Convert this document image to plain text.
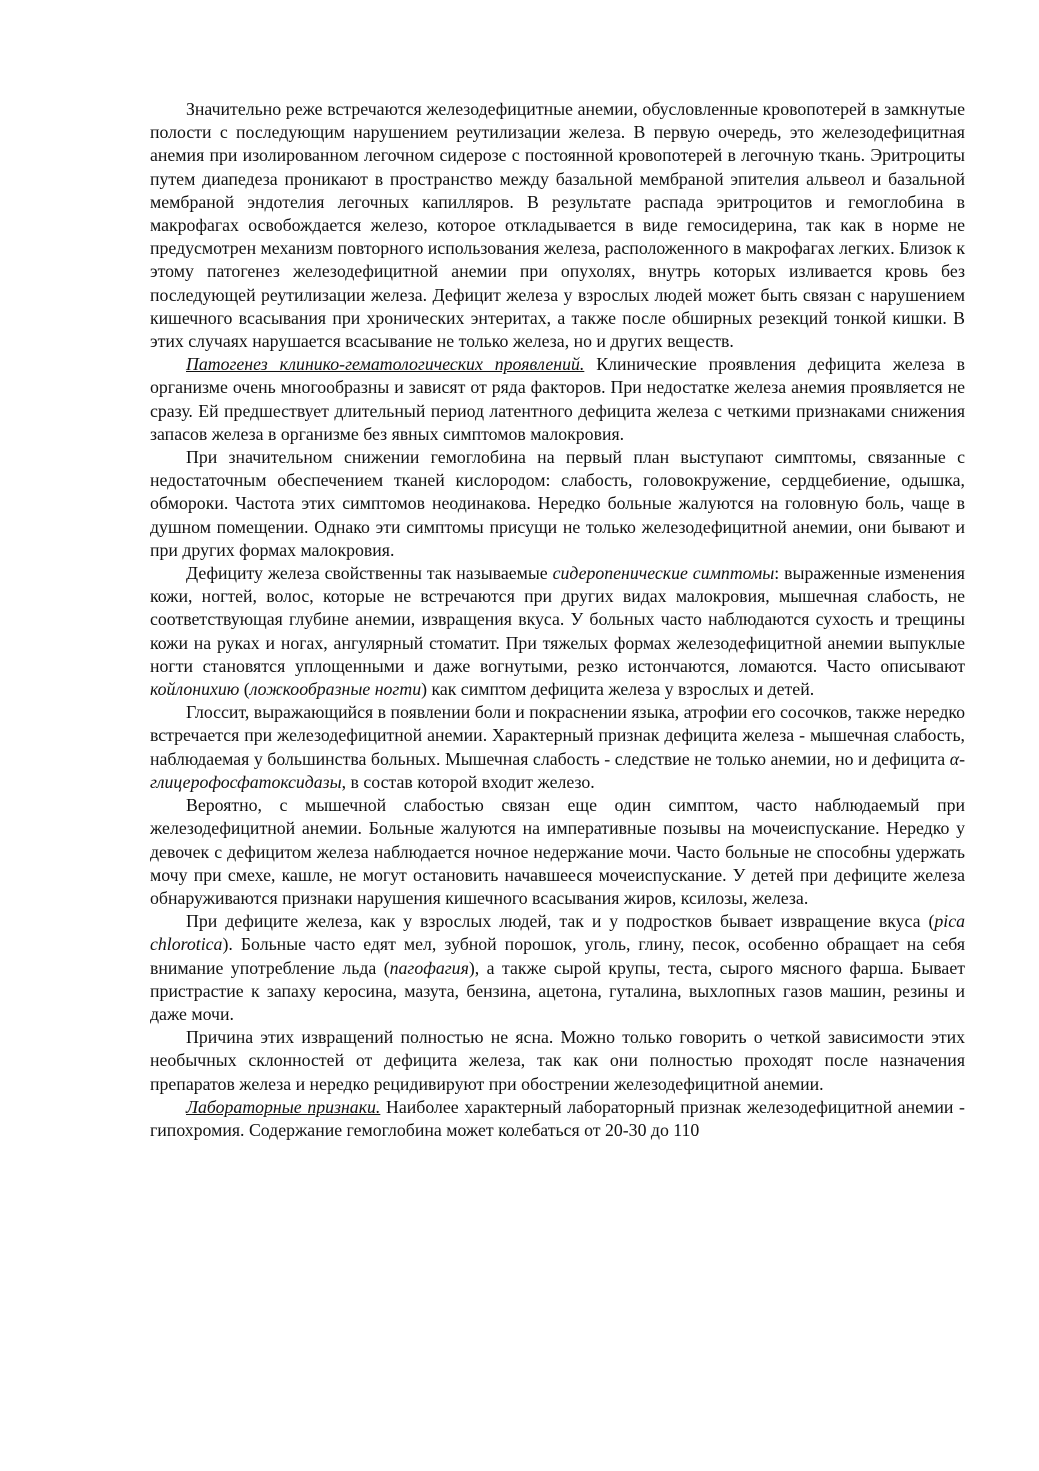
Значительно реже встречаются железодефицитные анемии, обусловленные кровопотерей в замкнутые полости с последующим нарушением реутилизации железа. В первую очередь, это железодефицитная анемия при изолированном легочном сидерозе с постоянной кровопотерей в легочную ткань. Эритроциты путем диапедеза проникают в пространство между базальной мембраной эпителия альвеол и базальной мембраной эндотелия легочных капилляров. В результате распада эритроцитов и гемоглобина в макрофагах освобождается железо, которое откладывается в виде гемосидерина, так как в норме не предусмотрен механизм повторного использования железа, расположенного в макрофагах легких. Близок к этому патогенез железодефицитной анемии при опухолях, внутрь которых изливается кровь без последующей реутилизации железа. Дефицит железа у взрослых людей может быть связан с нарушением кишечного всасывания при хронических энтеритах, а также после обширных резекций тонкой кишки. В этих случаях нарушается всасывание не только железа, но и других веществ.

Патогенез клинико-гематологических проявлений. Клинические проявления дефицита железа в организме очень многообразны и зависят от ряда факторов. При недостатке железа анемия проявляется не сразу. Ей предшествует длительный период латентного дефицита железа с четкими признаками снижения запасов железа в организме без явных симптомов малокровия.

При значительном снижении гемоглобина на первый план выступают симптомы, связанные с недостаточным обеспечением тканей кислородом: слабость, головокружение, сердцебиение, одышка, обмороки. Частота этих симптомов неодинакова. Нередко больные жалуются на головную боль, чаще в душном помещении. Однако эти симптомы присущи не только железодефицитной анемии, они бывают и при других формах малокровия.

Дефициту железа свойственны так называемые сидеропенические симптомы: выраженные изменения кожи, ногтей, волос, которые не встречаются при других видах малокровия, мышечная слабость, не соответствующая глубине анемии, извращения вкуса. У больных часто наблюдаются сухость и трещины кожи на руках и ногах, ангулярный стоматит. При тяжелых формах железодефицитной анемии выпуклые ногти становятся уплощенными и даже вогнутыми, резко истончаются, ломаются. Часто описывают койлонихию (ложкообразные ногти) как симптом дефицита железа у взрослых и детей.

Глоссит, выражающийся в появлении боли и покраснении языка, атрофии его сосочков, также нередко встречается при железодефицитной анемии. Характерный признак дефицита железа - мышечная слабость, наблюдаемая у большинства больных. Мышечная слабость - следствие не только анемии, но и дефицита α-глицерофосфатоксидазы, в состав которой входит железо.

Вероятно, с мышечной слабостью связан еще один симптом, часто наблюдаемый при железодефицитной анемии. Больные жалуются на императивные позывы на мочеиспускание. Нередко у девочек с дефицитом железа наблюдается ночное недержание мочи. Часто больные не способны удержать мочу при смехе, кашле, не могут остановить начавшееся мочеиспускание. У детей при дефиците железа обнаруживаются признаки нарушения кишечного всасывания жиров, ксилозы, железа.

При дефиците железа, как у взрослых людей, так и у подростков бывает извращение вкуса (pica chlorotica). Больные часто едят мел, зубной порошок, уголь, глину, песок, особенно обращает на себя внимание употребление льда (пагофагия), а также сырой крупы, теста, сырого мясного фарша. Бывает пристрастие к запаху керосина, мазута, бензина, ацетона, гуталина, выхлопных газов машин, резины и даже мочи.

Причина этих извращений полностью не ясна. Можно только говорить о четкой зависимости этих необычных склонностей от дефицита железа, так как они полностью проходят после назначения препаратов железа и нередко рецидивируют при обострении железодефицитной анемии.

Лабораторные признаки. Наиболее характерный лабораторный признак железодефицитной анемии - гипохромия. Содержание гемоглобина может колебаться от 20-30 до 110
